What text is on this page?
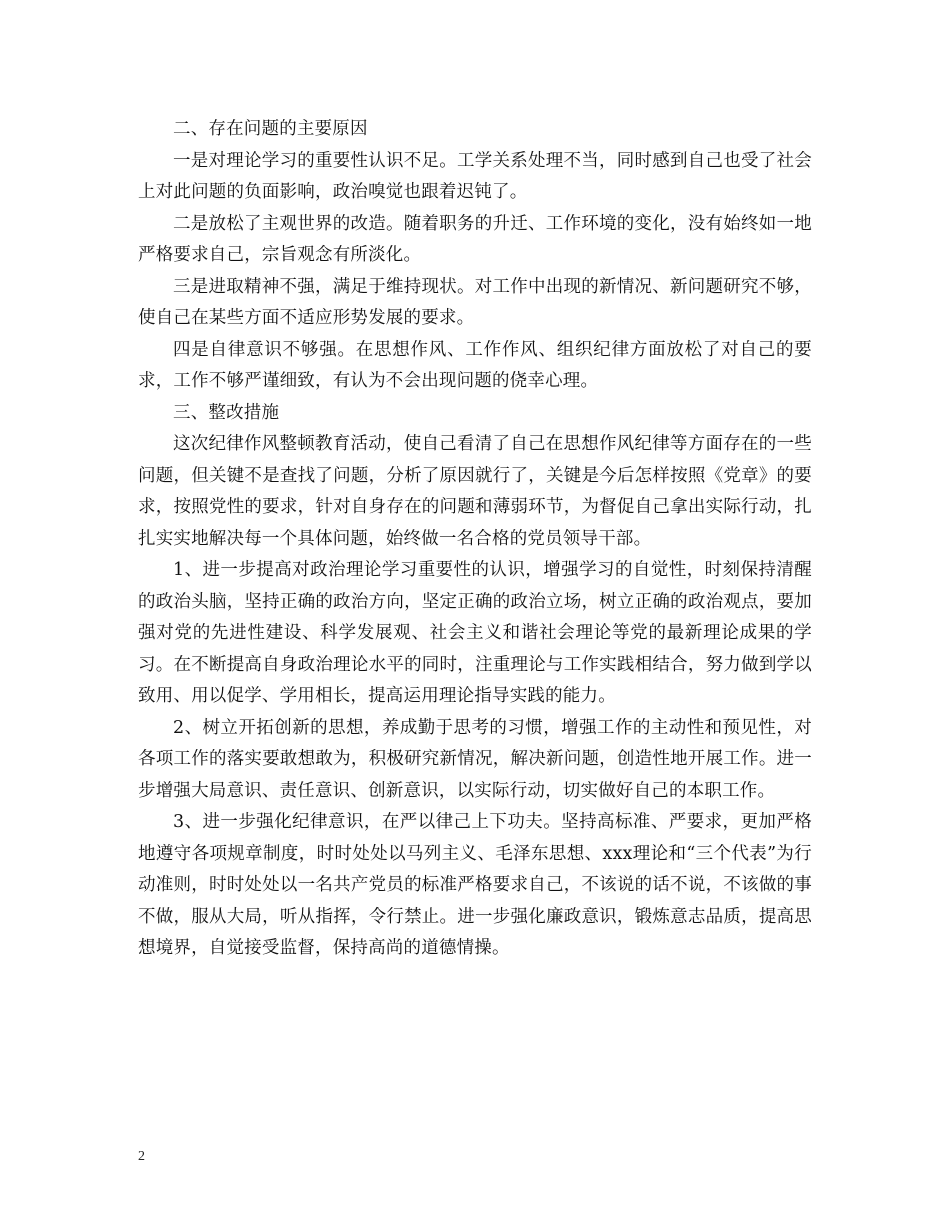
二、存在问题的主要原因

一是对理论学习的重要性认识不足。工学关系处理不当，同时感到自己也受了社会上对此问题的负面影响，政治嗅觉也跟着迟钝了。

二是放松了主观世界的改造。随着职务的升迁、工作环境的变化，没有始终如一地严格要求自己，宗旨观念有所淡化。

三是进取精神不强，满足于维持现状。对工作中出现的新情况、新问题研究不够，使自己在某些方面不适应形势发展的要求。

四是自律意识不够强。在思想作风、工作作风、组织纪律方面放松了对自己的要求，工作不够严谨细致，有认为不会出现问题的侥幸心理。

三、整改措施

这次纪律作风整顿教育活动，使自己看清了自己在思想作风纪律等方面存在的一些问题，但关键不是查找了问题，分析了原因就行了，关键是今后怎样按照《党章》的要求，按照党性的要求，针对自身存在的问题和薄弱环节，为督促自己拿出实际行动，扎扎实实地解决每一个具体问题，始终做一名合格的党员领导干部。

1、进一步提高对政治理论学习重要性的认识，增强学习的自觉性，时刻保持清醒的政治头脑，坚持正确的政治方向，坚定正确的政治立场，树立正确的政治观点，要加强对党的先进性建设、科学发展观、社会主义和谐社会理论等党的最新理论成果的学习。在不断提高自身政治理论水平的同时，注重理论与工作实践相结合，努力做到学以致用、用以促学、学用相长，提高运用理论指导实践的能力。

2、树立开拓创新的思想，养成勤于思考的习惯，增强工作的主动性和预见性，对各项工作的落实要敢想敢为，积极研究新情况，解决新问题，创造性地开展工作。进一步增强大局意识、责任意识、创新意识，以实际行动，切实做好自己的本职工作。

3、进一步强化纪律意识，在严以律己上下功夫。坚持高标准、严要求，更加严格地遵守各项规章制度，时时处处以马列主义、毛泽东思想、xxx理论和“三个代表”为行动准则，时时处处以一名共产党员的标准严格要求自己，不该说的话不说，不该做的事不做，服从大局，听从指挥，令行禁止。进一步强化廉政意识，锻炼意志品质，提高思想境界，自觉接受监督，保持高尚的道德情操。

2
